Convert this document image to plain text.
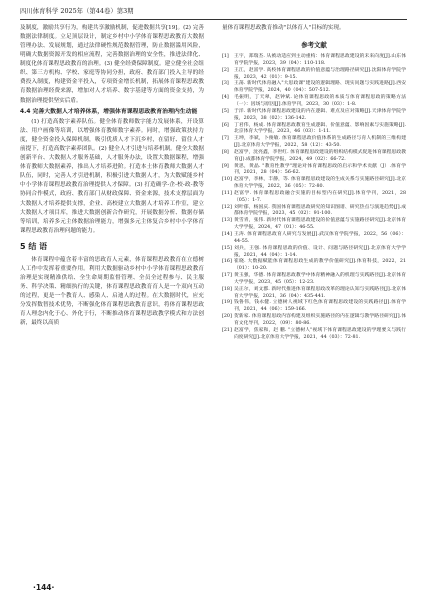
四川体育科学 2025年（第44卷）第3期

及制度，激励共享行为，构建共享激励机制，促进数据共享[19]。(2) 完善数据法律制度。立足顶层设计，制定乡村中小学体育课程思政教育大数据管理办法、发展规划，通过法律硬性规范数据管理，防止数据滥用风险，明确大数据资源开发的相应流程，完善数据治理的安全性，推进法律化、制度化体育课程思政教育的治理。(3) 健全经费保障制度。建立健全社会组织、第三方机构、学校、家庭等协同分担，政府、教育部门投入主导的经费投入制度，构建资金平投入，专项资金增长机制，拓展体育课程思政教育数据治理经费来源，增加对人才培养、数字基建等方面的资金支持，为数据治理提供坚实后盾。

4.4 完善大数据人才培养体系，增强体育课程思政教育治理内生动能

(1) 打造高数字素养队伍。健全体育教师数字能力发展体系，开设算法、用户画像等培训，以增强体育教师数字素养。同时，增强政策扶持力度，健全资金投入保障机制，吸引优质人才下沉乡村，在留好、留住人才前提下，打造高数字素养团队。(2) 健全人才引进与培养机制。健全大数据创新平台、大数据人才服务基础，人才服务办法，设置大数据课程，增强体育教师大数据素养，推出人才培养进阶。打造本土体育教师大数据人才队伍，同时，完善人才引进机制，积极引进大数据人才，为大数赋能乡村中小学体育课程思政教育治理提供人才保障。(3) 打造确学-企-校-政-教等协同合作模式，政府、教育部门从财政保障、资金来源，技术支撑层面为大数据人才培养提供支撑，企业、高校建立大数据人才培养工作室，建立大数据人才项目库，推进大数据创新合作研究，开展数据分析、数据存储等培训，培养多元主体数据治理能力，增强多元主体复合乡村中小学体育课程思政教育治理问题的能力。

5 结 语

体育课程中蕴含着丰富的思政育人元素，体育课程思政教育在立德树人工作中发挥着重要作用。利用大数据驱动乡村中小学体育课程思政教育治理是实现精准供给、全生命周期监督管理、全员全过程参与、民主服务、科学决策、精细执行的关键，体育课程思政教育育人是一个双向互动的过程，更是一个教育人、感染人、启迪人的过程。在大数据时代，应充分发挥数智技术优势，不断强化体育课程思政教育意识，将体育课程思政育人理念内化于心、外化于行，不断推动体育课程思政教学模式和方法创新，最终以高质

量体育课程思政教育推动"以体育人"目标的实现。

参考文献
[1]	王宇，郑瑞杰. 从被动适应到主动重构：体育课程思政建设的未来向度[J].山东体育学院学报，2023，39（04）：110-118.
[2]	王江，赵富学. 高校体育课程思政的价值意蕴与治理路径研究[J].沈阳体育学院学报，2023，42（01）：9-15.
[3]	王荡. 新时代体育融入"大思政课"建设的逻辑理路、现实问题与实践进路[J].西安体育学院学报，2024，40（04）：507-512.
[4]	毛振明，丁天翠，赵钟斌. 论体育课程思政的本质与体育课程思政的策略方法（一）：因场与原因[J].体育学刊，2023，30（03）：1-8.
[5]	于洋. 新时代体育课程思政建设的内在逻辑、难点及应对策略[J].天津体育学院学报，2023，38（02）：136-142.
[6]	丁君伟，杨成. 体育课程思政教育生成逻辑、价值意蕴、影响因素与实施策略[J].北京体育大学学报，2023，46（03）：1-11.
[7]	王坤，李斌，卜俊敏. 体育课程思政价值体系的生成路径与育人机制的三维构建[J].北京体育大学学报，2022，58（12）：43-50.
[8]	赵富学，沈亮鑫，李世红. 体育课程思政建设的组织结构模式促进体育课程思政教育(J).成都体育学院学报，2024，49（02）：66-72.
[9]	黄思，黄晶. "教育性教学"理论对体育课程思政的启示和学术贡献（J）.体育学刊，2021，28（04）：56-62.
[10] 赵富学，李林，丰静，等. 体育课程思政建设的生成关系与实施路径研究[J].北京体育大学学报，2022，36（05）：72-80.
[11] 赵富学. 体育课程思政融合实施的目标型内在研究[J].体育学刊，2021，28（05）：1-7.
[12] 刘叶郁，杨国庆. 我国体育课程思政研究的知识图谱、研究热点与演进趋势[J].成都体育学院学报，2023，45（02）：91-100.
[13] 黄雪青，张伟. 新时代体育课程思政建设的价值意蕴与实施路径研究[J].北京体育大学学报，2024，47（01）：46-55.
[14] 王涛. 体育课程思政育人研究与发展[J].武汉体育学院学报，2022，56（06）：44-55.
[15] 刘兵，王强. 体育课程思政的价值、设计、问题与路径研究[J].北京体育大学学报，2021，44（04）：1-14.
[16] 崔晓. 大数据赋能体育课程思政生成的教学价值研究[J].体育科技，2022，21（01）：10-20.
[17] 黄玉强，华德. 体育课程思政教学中体育精神融入的机理与实践路径[J].北京体育大学学报，2023，45（05）：12-23.
[18] 吴正尔，刘文郡. 新时代推进体育课程思政改革的理论认知与实践路径[J].北京体育大学学报，2021，36（04）：435-441.
[19] 钱鲁伟，钱永健. 立德树人视域下红色体育课程思政建设的实践路径[J].体育学刊，2021，44（06）：159-166.
[20] 贺新家. 体育课程思政内容构建及组织实施路径的内在逻辑与教学路径研究[J].体育文化导刊，2022，（09）：80-86.
[21] 赵富学，焦家和，赵 鹏. "立德树人"视域下体育课程思政建设的学理要义与践行向度研究[J].北京体育大学学报，2021，44（03）：72-81.
·144·
